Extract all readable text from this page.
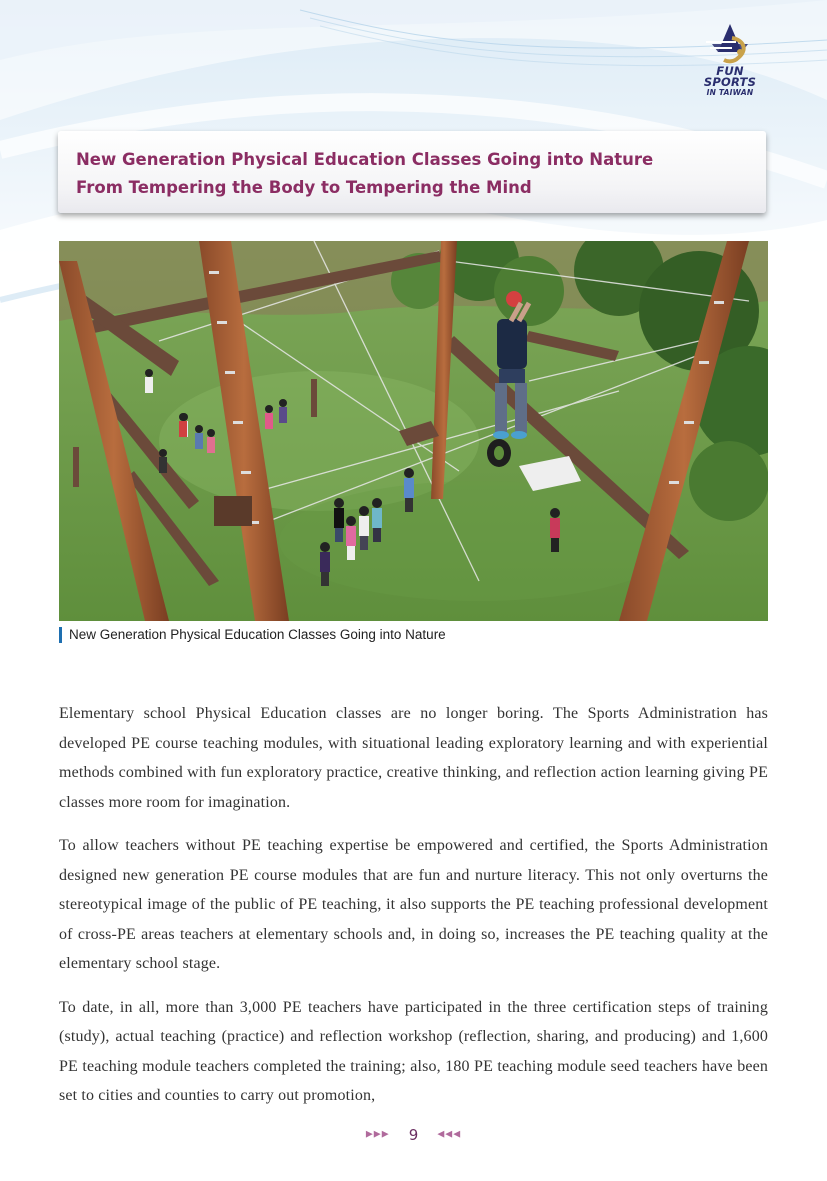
FUN SPORTS
IN TAIWAN
New Generation Physical Education Classes Going into Nature
From Tempering the Body to Tempering the Mind
New Generation Physical Education Classes Going into Nature

Elementary school Physical Education classes are no longer boring. The Sports Administration has developed PE course teaching modules, with situational leading exploratory learning and with experiential methods combined with fun exploratory practice, creative thinking, and reflection action learning giving PE classes more room for imagination.

To allow teachers without PE teaching expertise be empowered and certified, the Sports Administration designed new generation PE course modules that are fun and nurture literacy. This not only overturns the stereotypical image of the public of PE teaching, it also supports the PE teaching professional development of cross-PE areas teachers at elementary schools and, in doing so, increases the PE teaching quality at the elementary school stage.

To date, in all, more than 3,000 PE teachers have participated in the three certification steps of training (study), actual teaching (practice) and reflection workshop (reflection, sharing, and producing) and 1,600 PE teaching module teachers completed the training; also, 180 PE teaching module seed teachers have been set to cities and counties to carry out promotion,

▶▶▶ 9 ◀◀◀
